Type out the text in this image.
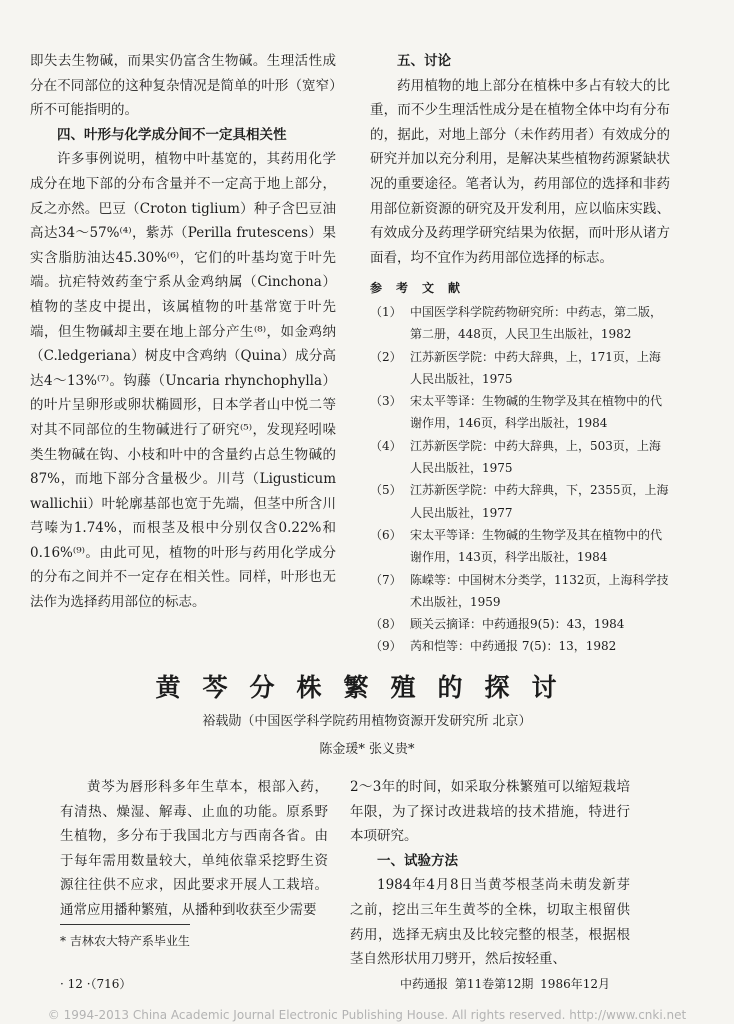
即失去生物碱，而果实仍富含生物碱。生理活性成分在不同部位的这种复杂情况是简单的叶形（宽窄）所不可能指明的。

四、叶形与化学成分间不一定具相关性

许多事例说明，植物中叶基宽的，其药用化学成分在地下部的分布含量并不一定高于地上部分，反之亦然。巴豆（Croton tiglium）种子含巴豆油高达34～57%⁽⁴⁾，紫苏（Perilla frutescens）果实含脂肪油达45.30%⁽⁶⁾，它们的叶基均宽于叶先端。抗疟特效药奎宁系从金鸡纳属（Cinchona）植物的茎皮中提出，该属植物的叶基常宽于叶先端，但生物碱却主要在地上部分产生⁽⁸⁾，如金鸡纳（C.ledgeriana）树皮中含鸡纳（Quina）成分高达4～13%⁽⁷⁾。钩藤（Uncaria rhynchophylla）的叶片呈卵形或卵状椭圆形，日本学者山中悦二等对其不同部位的生物碱进行了研究⁽⁵⁾，发现羟吲哚类生物碱在钩、小枝和叶中的含量约占总生物碱的87%，而地下部分含量极少。川芎（Ligusticum wallichii）叶轮廓基部也宽于先端，但茎中所含川芎嗪为1.74%，而根茎及根中分别仅含0.22%和0.16%⁽⁹⁾。由此可见，植物的叶形与药用化学成分的分布之间并不一定存在相关性。同样，叶形也无法作为选择药用部位的标志。

五、讨论

药用植物的地上部分在植株中多占有较大的比重，而不少生理活性成分是在植物全体中均有分布的，据此，对地上部分（未作药用者）有效成分的研究并加以充分利用，是解决某些植物药源紧缺状况的重要途径。笔者认为，药用部位的选择和非药用部位新资源的研究及开发利用，应以临床实践、有效成分及药理学研究结果为依据，而叶形从诸方面看，均不宜作为药用部位选择的标志。

参考文献

（1） 中国医学科学院药物研究所：中药志，第二版，第二册，448页，人民卫生出版社，1982
（2） 江苏新医学院：中药大辞典，上，171页，上海人民出版社，1975
（3） 宋太平等译：生物碱的生物学及其在植物中的代谢作用，146页，科学出版社，1984
（4） 江苏新医学院：中药大辞典，上，503页，上海人民出版社，1975
（5） 江苏新医学院：中药大辞典，下，2355页，上海人民出版社，1977
（6） 宋太平等译：生物碱的生物学及其在植物中的代谢作用，143页，科学出版社，1984
（7） 陈嵘等：中国树木分类学，1132页，上海科学技术出版社，1959
（8） 顾关云摘译：中药通报9(5)：43，1984
（9） 芮和恺等：中药通报 7(5)：13，1982
黄芩分株繁殖的探讨
裕载勋（中国医学科学院药用植物资源开发研究所 北京）
陈金瑗* 张义贵*

黄芩为唇形科多年生草本，根部入药，有清热、燥湿、解毒、止血的功能。原系野生植物，多分布于我国北方与西南各省。由于每年需用数量较大，单纯依靠采挖野生资源往往供不应求，因此要求开展人工栽培。通常应用播种繁殖，从播种到收获至少需要

2～3年的时间，如采取分株繁殖可以缩短栽培年限，为了探讨改进栽培的技术措施，特进行本项研究。

一、试验方法

1984年4月8日当黄芩根茎尚未萌发新芽之前，挖出三年生黄芩的全株，切取主根留供药用，选择无病虫及比较完整的根茎，根据根茎自然形状用刀劈开，然后按轻重、

* 吉林农大特产系毕业生
· 12 ·（716）	中药通报 第11卷第12期 1986年12月
© 1994-2013 China Academic Journal Electronic Publishing House. All rights reserved. http://www.cnki.net
